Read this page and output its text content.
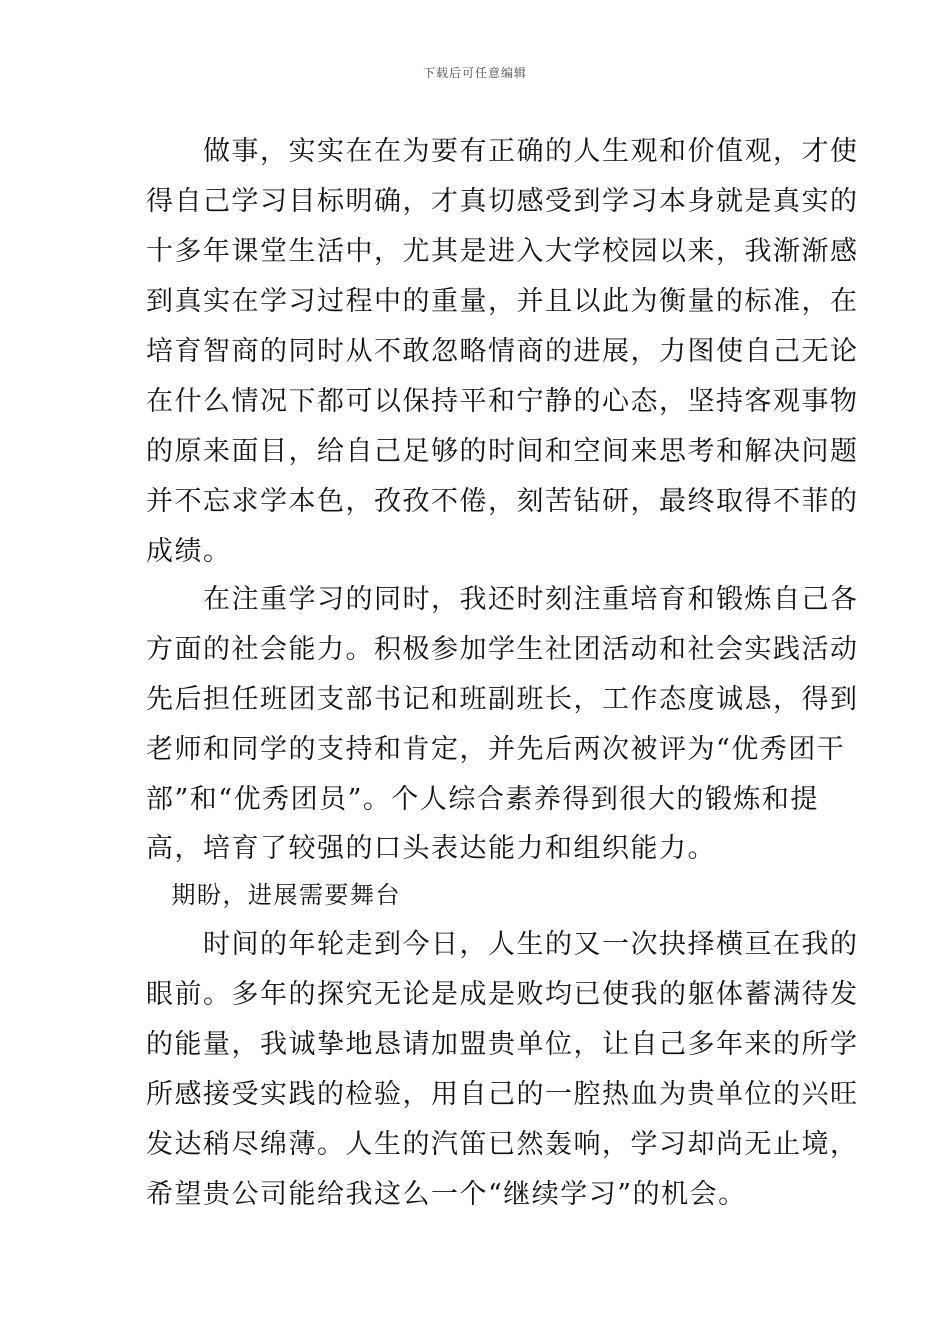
下载后可任意编辑
　　做事，实实在在为要有正确的人生观和价值观，才使
得自己学习目标明确，才真切感受到学习本身就是真实的
十多年课堂生活中，尤其是进入大学校园以来，我渐渐感
到真实在学习过程中的重量，并且以此为衡量的标准，在
培育智商的同时从不敢忽略情商的进展，力图使自己无论
在什么情况下都可以保持平和宁静的心态，坚持客观事物
的原来面目，给自己足够的时间和空间来思考和解决问题
并不忘求学本色，孜孜不倦，刻苦钻研，最终取得不菲的
成绩。
　　在注重学习的同时，我还时刻注重培育和锻炼自己各
方面的社会能力。积极参加学生社团活动和社会实践活动
先后担任班团支部书记和班副班长，工作态度诚恳，得到
老师和同学的支持和肯定，并先后两次被评为“优秀团干
部”和“优秀团员”。个人综合素养得到很大的锻炼和提
高，培育了较强的口头表达能力和组织能力。
　期盼，进展需要舞台
　　时间的年轮走到今日，人生的又一次抉择横亘在我的
眼前。多年的探究无论是成是败均已使我的躯体蓄满待发
的能量，我诚挚地恳请加盟贵单位，让自己多年来的所学
所感接受实践的检验，用自己的一腔热血为贵单位的兴旺
发达稍尽绵薄。人生的汽笛已然轰响，学习却尚无止境，
希望贵公司能给我这么一个“继续学习”的机会。
